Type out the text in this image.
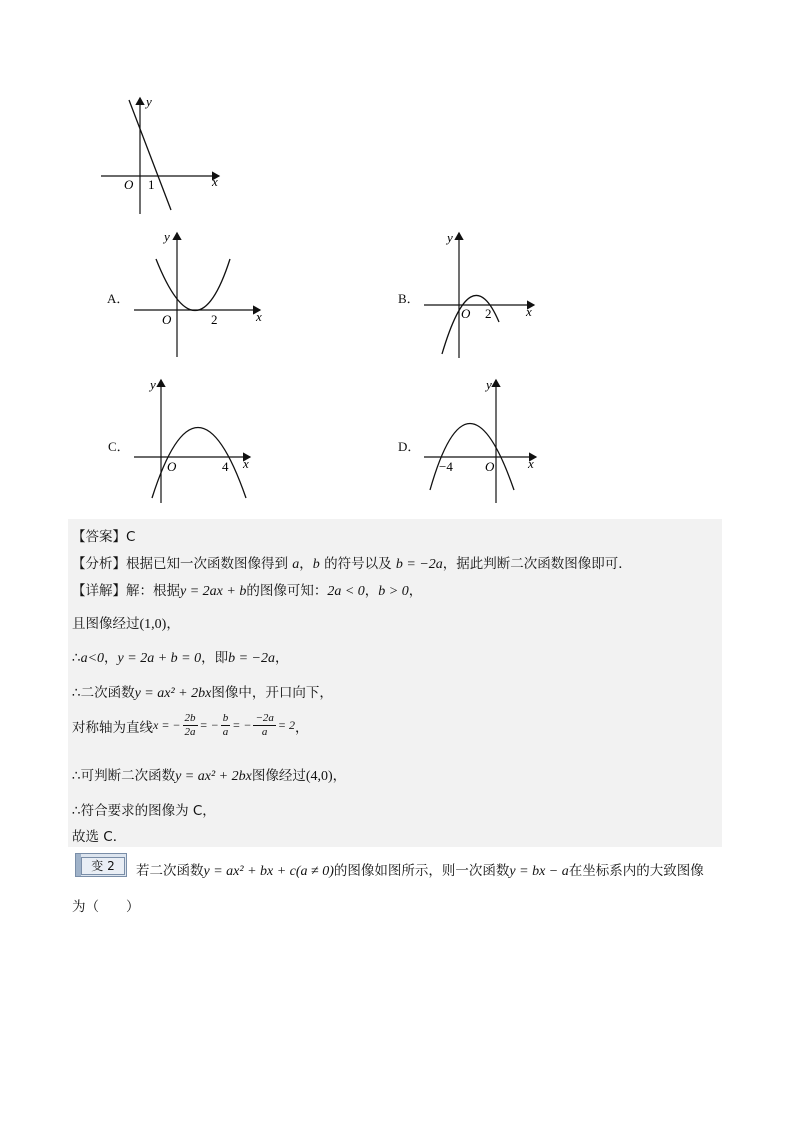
y
x
O 1
A．
y
x
O	2
B．
y
x
O 2
C．
y
x
O	4
D．
y
x
O
−4
【答案】C
【分析】根据已知一次函数图像得到 a，b 的符号以及 b = −2a，据此判断二次函数图像即可．
【详解】解：根据y = 2ax + b的图像可知：2a < 0，b > 0，
且图像经过(1,0)，
∴a<0，y = 2a + b = 0，即b = −2a，
∴二次函数y = ax² + 2bx图像中，开口向下，
对称轴为直线 x = − $\frac{2b}{2a}$ = − $\frac{b}{a}$ = − $\frac{-2a}{a} = 2$ ，
∴可判断二次函数y = ax² + 2bx图像经过(4,0)，
∴符合要求的图像为 C，
故选 C．
变 2	若二次函数y = ax² + bx + c(a ≠ 0)的图像如图所示，则一次函数y = bx − a在坐标系内的大致图像
为（　　）
